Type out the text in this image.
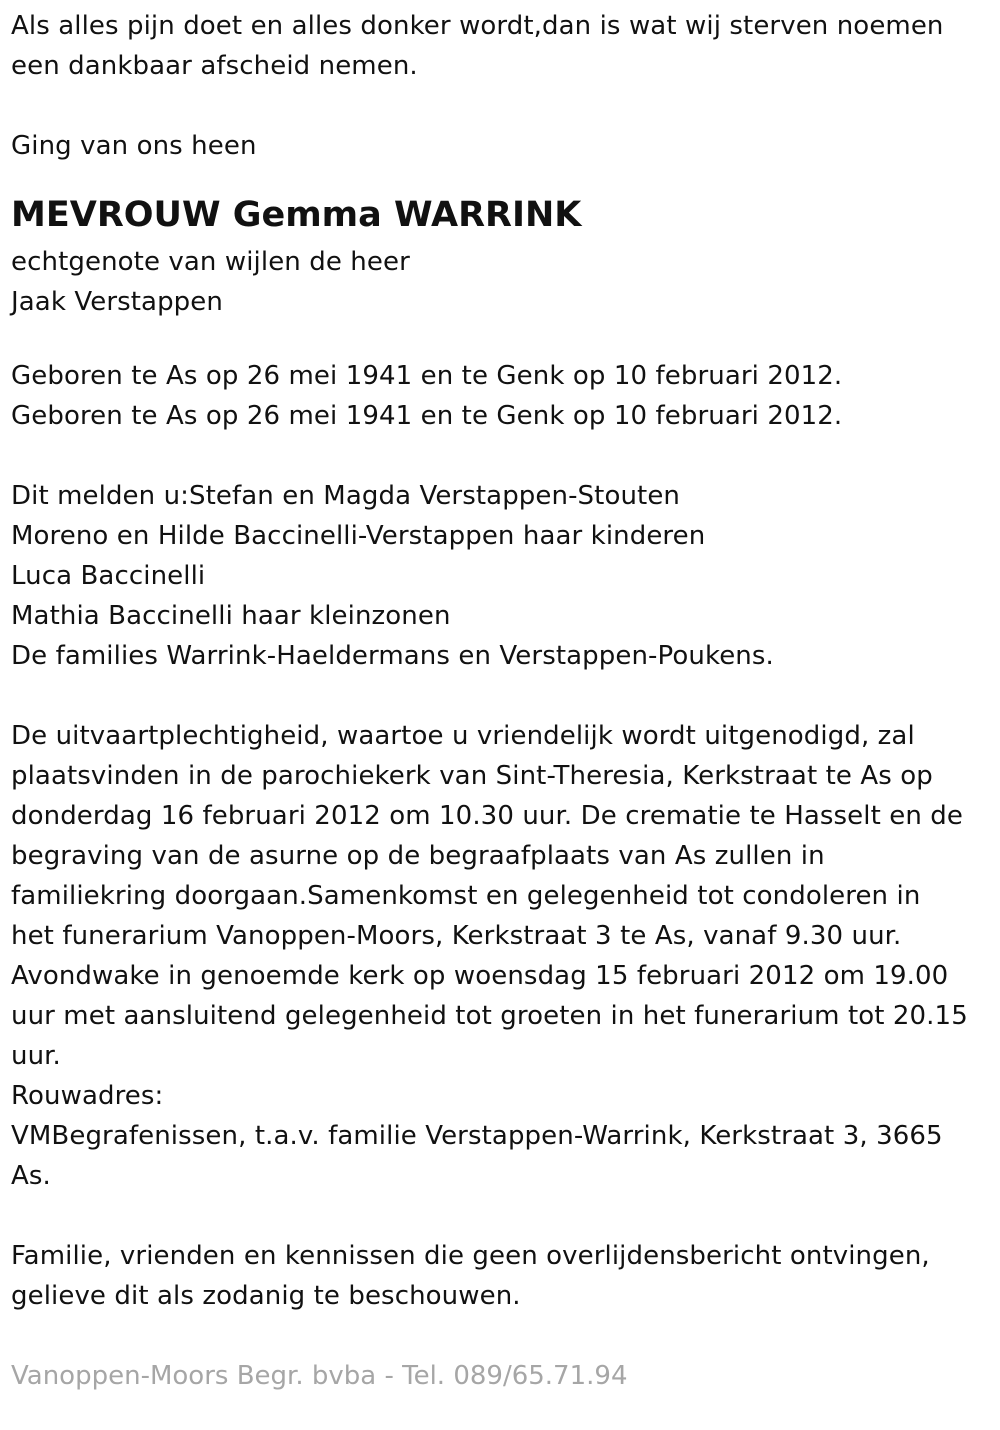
Als alles pijn doet en alles donker wordt,dan is wat wij sterven noemen
een dankbaar afscheid nemen.

Ging van ons heen

MEVROUW Gemma WARRINK

echtgenote van wijlen de heer
Jaak Verstappen

Geboren te As op 26 mei 1941 en te Genk op 10 februari 2012.
Geboren te As op 26 mei 1941 en te Genk op 10 februari 2012.

Dit melden u:Stefan en Magda Verstappen-Stouten
Moreno en Hilde Baccinelli-Verstappen haar kinderen
Luca Baccinelli
Mathia Baccinelli haar kleinzonen
De families Warrink-Haeldermans en Verstappen-Poukens.

De uitvaartplechtigheid, waartoe u vriendelijk wordt uitgenodigd, zal
plaatsvinden in de parochiekerk van Sint-Theresia, Kerkstraat te As op
donderdag 16 februari 2012 om 10.30 uur. De crematie te Hasselt en de
begraving van de asurne op de begraafplaats van As zullen in
familiekring doorgaan.Samenkomst en gelegenheid tot condoleren in
het funerarium Vanoppen-Moors, Kerkstraat 3 te As, vanaf 9.30 uur.
Avondwake in genoemde kerk op woensdag 15 februari 2012 om 19.00
uur met aansluitend gelegenheid tot groeten in het funerarium tot 20.15
uur.
Rouwadres:
VMBegrafenissen, t.a.v. familie Verstappen-Warrink, Kerkstraat 3, 3665
As.

Familie, vrienden en kennissen die geen overlijdensbericht ontvingen,
gelieve dit als zodanig te beschouwen.

Vanoppen-Moors Begr. bvba - Tel. 089/65.71.94
